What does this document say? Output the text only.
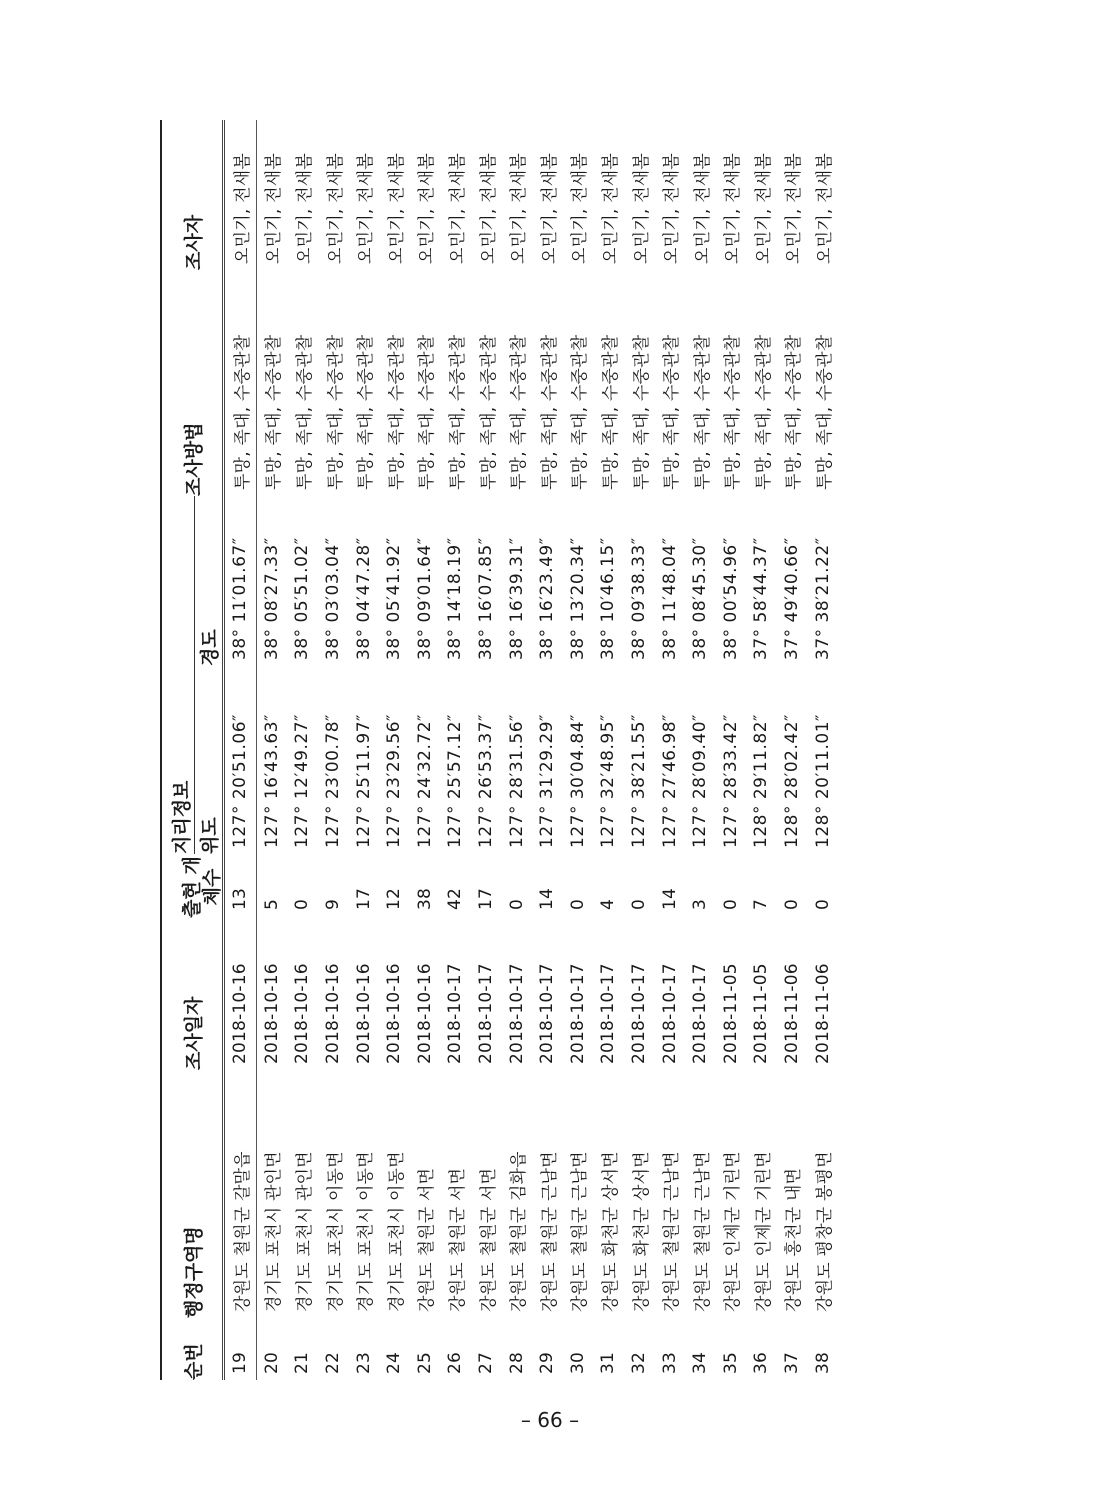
순번	행정구역명	조사일자	출현 개체수	지리정보		조사방법	조사자
				위도	경도		
19	강원도 철원군 갈말읍	2018-10-16	13	127° 20′51.06″	38° 11′01.67″	투망, 족대, 수중관찰	오민기, 전새봄
20	경기도 포천시 관인면	2018-10-16	5	127° 16′43.63″	38° 08′27.33″	투망, 족대, 수중관찰	오민기, 전새봄
21	경기도 포천시 관인면	2018-10-16	0	127° 12′49.27″	38° 05′51.02″	투망, 족대, 수중관찰	오민기, 전새봄
22	경기도 포천시 이동면	2018-10-16	9	127° 23′00.78″	38° 03′03.04″	투망, 족대, 수중관찰	오민기, 전새봄
23	경기도 포천시 이동면	2018-10-16	17	127° 25′11.97″	38° 04′47.28″	투망, 족대, 수중관찰	오민기, 전새봄
24	경기도 포천시 이동면	2018-10-16	12	127° 23′29.56″	38° 05′41.92″	투망, 족대, 수중관찰	오민기, 전새봄
25	강원도 철원군 서면	2018-10-16	38	127° 24′32.72″	38° 09′01.64″	투망, 족대, 수중관찰	오민기, 전새봄
26	강원도 철원군 서면	2018-10-17	42	127° 25′57.12″	38° 14′18.19″	투망, 족대, 수중관찰	오민기, 전새봄
27	강원도 철원군 서면	2018-10-17	17	127° 26′53.37″	38° 16′07.85″	투망, 족대, 수중관찰	오민기, 전새봄
28	강원도 철원군 김화읍	2018-10-17	0	127° 28′31.56″	38° 16′39.31″	투망, 족대, 수중관찰	오민기, 전새봄
29	강원도 철원군 근남면	2018-10-17	14	127° 31′29.29″	38° 16′23.49″	투망, 족대, 수중관찰	오민기, 전새봄
30	강원도 철원군 근남면	2018-10-17	0	127° 30′04.84″	38° 13′20.34″	투망, 족대, 수중관찰	오민기, 전새봄
31	강원도 화천군 상서면	2018-10-17	4	127° 32′48.95″	38° 10′46.15″	투망, 족대, 수중관찰	오민기, 전새봄
32	강원도 화천군 상서면	2018-10-17	0	127° 38′21.55″	38° 09′38.33″	투망, 족대, 수중관찰	오민기, 전새봄
33	강원도 철원군 근남면	2018-10-17	14	127° 27′46.98″	38° 11′48.04″	투망, 족대, 수중관찰	오민기, 전새봄
34	강원도 철원군 근남면	2018-10-17	3	127° 28′09.40″	38° 08′45.30″	투망, 족대, 수중관찰	오민기, 전새봄
35	강원도 인제군 기린면	2018-11-05	0	127° 28′33.42″	38° 00′54.96″	투망, 족대, 수중관찰	오민기, 전새봄
36	강원도 인제군 기린면	2018-11-05	7	128° 29′11.82″	37° 58′44.37″	투망, 족대, 수중관찰	오민기, 전새봄
37	강원도 홍천군 내면	2018-11-06	0	128° 28′02.42″	37° 49′40.66″	투망, 족대, 수중관찰	오민기, 전새봄
38	강원도 평창군 봉평면	2018-11-06	0	128° 20′11.01″	37° 38′21.22″	투망, 족대, 수중관찰	오민기, 전새봄
– 66 –
